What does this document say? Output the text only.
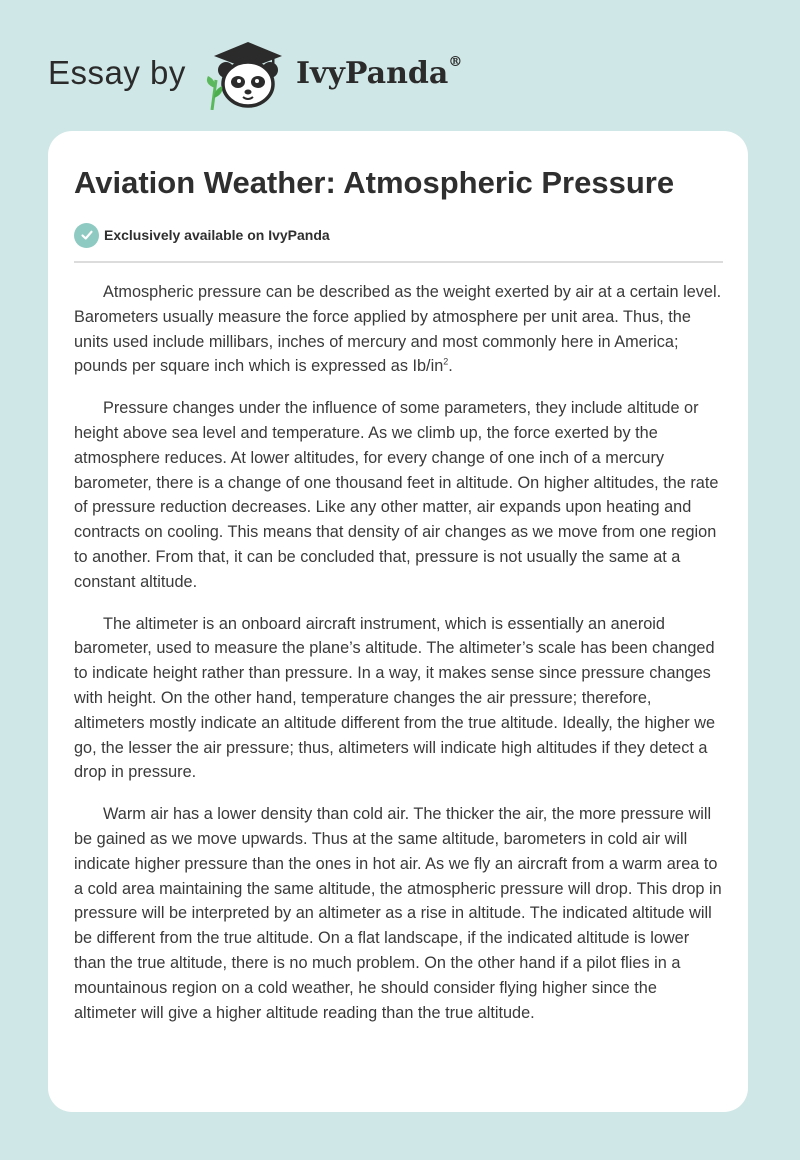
Essay by	IvyPanda®
Aviation Weather: Atmospheric Pressure
Exclusively available on IvyPanda

Atmospheric pressure can be described as the weight exerted by air at a certain level. Barometers usually measure the force applied by atmosphere per unit area. Thus, the units used include millibars, inches of mercury and most commonly here in America; pounds per square inch which is expressed as $Ib/in^2$.

Pressure changes under the influence of some parameters, they include altitude or height above sea level and temperature. As we climb up, the force exerted by the atmosphere reduces. At lower altitudes, for every change of one inch of a mercury barometer, there is a change of one thousand feet in altitude. On higher altitudes, the rate of pressure reduction decreases. Like any other matter, air expands upon heating and contracts on cooling. This means that density of air changes as we move from one region to another. From that, it can be concluded that, pressure is not usually the same at a constant altitude.

The altimeter is an onboard aircraft instrument, which is essentially an aneroid barometer, used to measure the plane’s altitude. The altimeter’s scale has been changed to indicate height rather than pressure. In a way, it makes sense since pressure changes with height. On the other hand, temperature changes the air pressure; therefore, altimeters mostly indicate an altitude different from the true altitude. Ideally, the higher we go, the lesser the air pressure; thus, altimeters will indicate high altitudes if they detect a drop in pressure.

Warm air has a lower density than cold air. The thicker the air, the more pressure will be gained as we move upwards. Thus at the same altitude, barometers in cold air will indicate higher pressure than the ones in hot air. As we fly an aircraft from a warm area to a cold area maintaining the same altitude, the atmospheric pressure will drop. This drop in pressure will be interpreted by an altimeter as a rise in altitude. The indicated altitude will be different from the true altitude. On a flat landscape, if the indicated altitude is lower than the true altitude, there is no much problem. On the other hand if a pilot flies in a mountainous region on a cold weather, he should consider flying higher since the altimeter will give a higher altitude reading than the true altitude.
